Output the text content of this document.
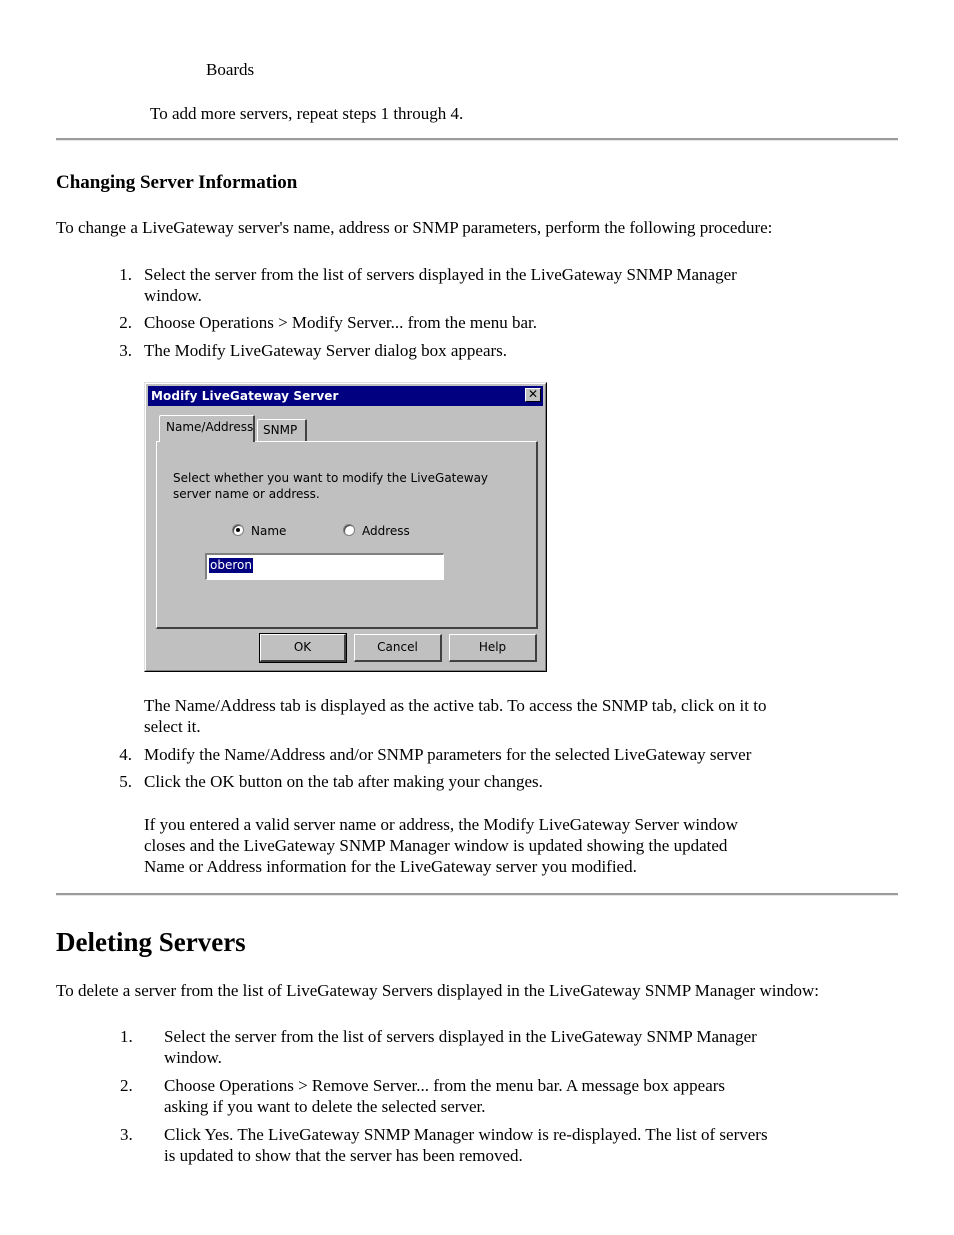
Boards
To add more servers, repeat steps 1 through 4.
Changing Server Information
To change a LiveGateway server's name, address or SNMP parameters, perform the following procedure:
1. Select the server from the list of servers displayed in the LiveGateway SNMP Manager
window.
2. Choose Operations > Modify Server... from the menu bar.
3. The Modify LiveGateway Server dialog box appears.
Modify LiveGateway Server	✕
SNMP
Name/Address
Select whether you want to modify the LiveGateway
server name or address.
Name	Address
oberon
OK	Cancel	Help
The Name/Address tab is displayed as the active tab. To access the SNMP tab, click on it to
select it.
4. Modify the Name/Address and/or SNMP parameters for the selected LiveGateway server
5. Click the OK button on the tab after making your changes.
If you entered a valid server name or address, the Modify LiveGateway Server window
closes and the LiveGateway SNMP Manager window is updated showing the updated
Name or Address information for the LiveGateway server you modified.
Deleting Servers
To delete a server from the list of LiveGateway Servers displayed in the LiveGateway SNMP Manager window:
1. Select the server from the list of servers displayed in the LiveGateway SNMP Manager
window.
2. Choose Operations > Remove Server... from the menu bar. A message box appears
asking if you want to delete the selected server.
3. Click Yes. The LiveGateway SNMP Manager window is re-displayed. The list of servers
is updated to show that the server has been removed.
